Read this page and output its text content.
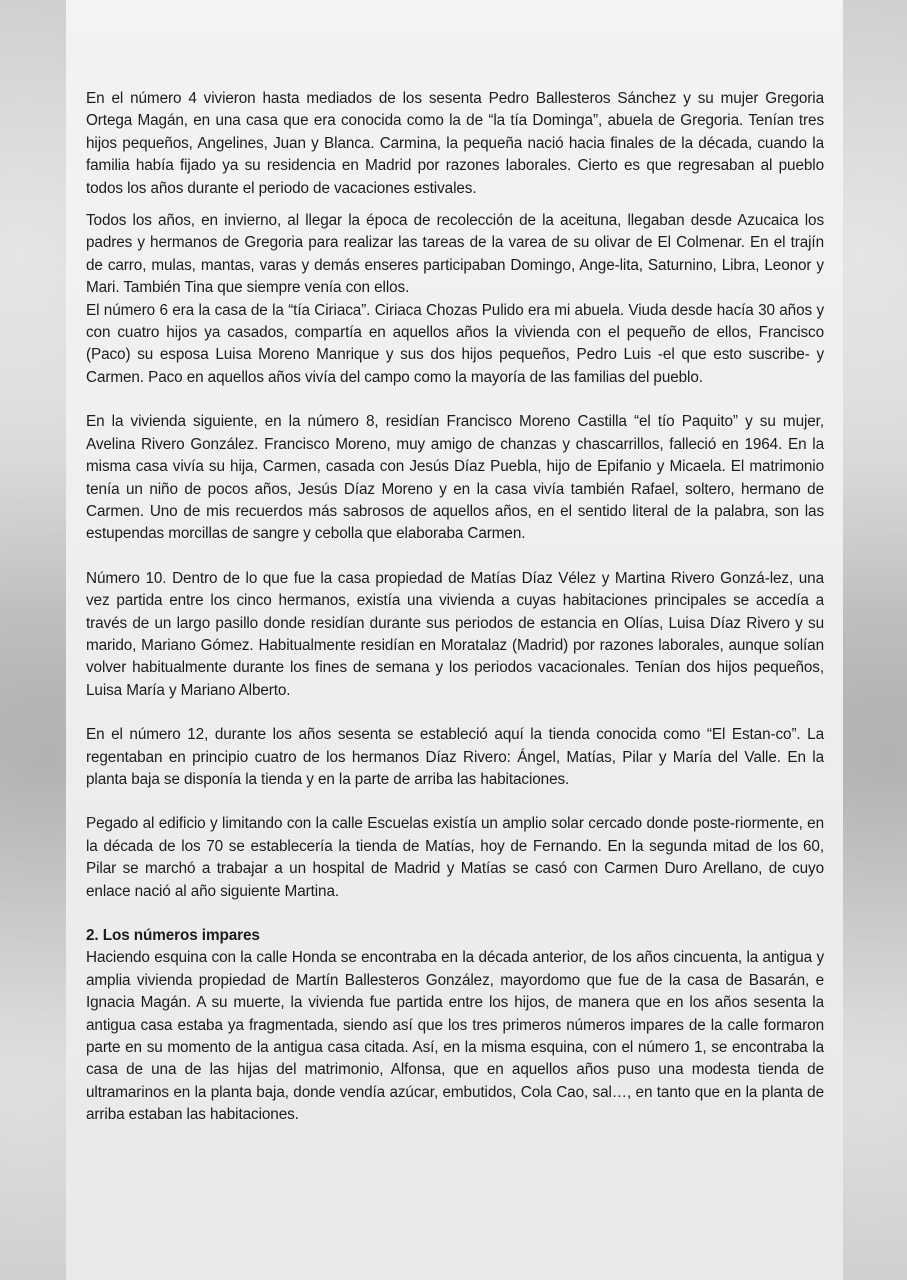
En el número 4 vivieron hasta mediados de los sesenta Pedro Ballesteros Sánchez y su mujer Gregoria Ortega Magán, en una casa que era conocida como la de “la tía Dominga”, abuela de Gregoria. Tenían tres hijos pequeños, Angelines, Juan y Blanca. Carmina, la pequeña nació hacia finales de la década, cuando la familia había fijado ya su residencia en Madrid por razones laborales. Cierto es que regresaban al pueblo todos los años durante el periodo de vacaciones estivales.

Todos los años, en invierno, al llegar la época de recolección de la aceituna, llegaban desde Azucaica los padres y hermanos de Gregoria para realizar las tareas de la varea de su olivar de El Colmenar. En el trajín de carro, mulas, mantas, varas y demás enseres participaban Domingo, Ange-lita, Saturnino, Libra, Leonor y Mari. También Tina que siempre venía con ellos.

El número 6 era la casa de la “tía Ciriaca”. Ciriaca Chozas Pulido era mi abuela. Viuda desde hacía 30 años y con cuatro hijos ya casados, compartía en aquellos años la vivienda con el pequeño de ellos, Francisco (Paco) su esposa Luisa Moreno Manrique y sus dos hijos pequeños, Pedro Luis -el que esto suscribe- y Carmen. Paco en aquellos años vivía del campo como la mayoría de las familias del pueblo.

En la vivienda siguiente, en la número 8, residían Francisco Moreno Castilla “el tío Paquito” y su mujer, Avelina Rivero González. Francisco Moreno, muy amigo de chanzas y chascarrillos, falleció en 1964. En la misma casa vivía su hija, Carmen, casada con Jesús Díaz Puebla, hijo de Epifanio y Micaela. El matrimonio tenía un niño de pocos años, Jesús Díaz Moreno y en la casa vivía también Rafael, soltero, hermano de Carmen. Uno de mis recuerdos más sabrosos de aquellos años, en el sentido literal de la palabra, son las estupendas morcillas de sangre y cebolla que elaboraba Carmen.

Número 10. Dentro de lo que fue la casa propiedad de Matías Díaz Vélez y Martina Rivero Gonzá-lez, una vez partida entre los cinco hermanos, existía una vivienda a cuyas habitaciones principales se accedía a través de un largo pasillo donde residían durante sus periodos de estancia en Olías, Luisa Díaz Rivero y su marido, Mariano Gómez. Habitualmente residían en Moratalaz (Madrid) por razones laborales, aunque solían volver habitualmente durante los fines de semana y los periodos vacacionales. Tenían dos hijos pequeños, Luisa María y Mariano Alberto.

En el número 12, durante los años sesenta se estableció aquí la tienda conocida como “El Estan-co”. La regentaban en principio cuatro de los hermanos Díaz Rivero: Ángel, Matías, Pilar y María del Valle. En la planta baja se disponía la tienda y en la parte de arriba las habitaciones.

Pegado al edificio y limitando con la calle Escuelas existía un amplio solar cercado donde poste-riormente, en la década de los 70 se establecería la tienda de Matías, hoy de Fernando. En la segunda mitad de los 60, Pilar se marchó a trabajar a un hospital de Madrid y Matías se casó con Carmen Duro Arellano, de cuyo enlace nació al año siguiente Martina.

2. Los números impares

Haciendo esquina con la calle Honda se encontraba en la década anterior, de los años cincuenta, la antigua y amplia vivienda propiedad de Martín Ballesteros González, mayordomo que fue de la casa de Basarán, e Ignacia Magán. A su muerte, la vivienda fue partida entre los hijos, de manera que en los años sesenta la antigua casa estaba ya fragmentada, siendo así que los tres primeros números impares de la calle formaron parte en su momento de la antigua casa citada. Así, en la misma esquina, con el número 1, se encontraba la casa de una de las hijas del matrimonio, Alfonsa, que en aquellos años puso una modesta tienda de ultramarinos en la planta baja, donde vendía azúcar, embutidos, Cola Cao, sal…, en tanto que en la planta de arriba estaban las habitaciones.
